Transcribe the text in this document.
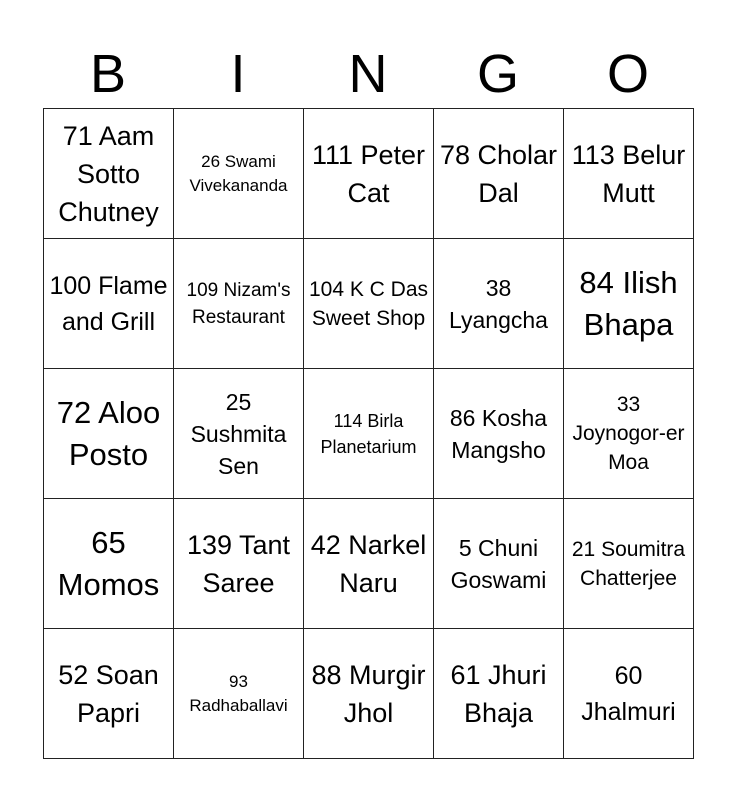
B	I	N	G	O
71 Aam Sotto Chutney	26 Swami Vivekananda	111 Peter Cat	78 Cholar Dal	113 Belur Mutt

100 Flame and Grill	109 Nizam's Restaurant	104 K C Das Sweet Shop	38 Lyangcha	84 Ilish Bhapa

72 Aloo Posto	25 Sushmita Sen	114 Birla Planetarium	86 Kosha Mangsho	33 Joynogor-er Moa

65 Momos	139 Tant Saree	42 Narkel Naru	5 Chuni Goswami	21 Soumitra Chatterjee

52 Soan Papri	93 Radhaballavi	88 Murgir Jhol	61 Jhuri Bhaja	60 Jhalmuri
